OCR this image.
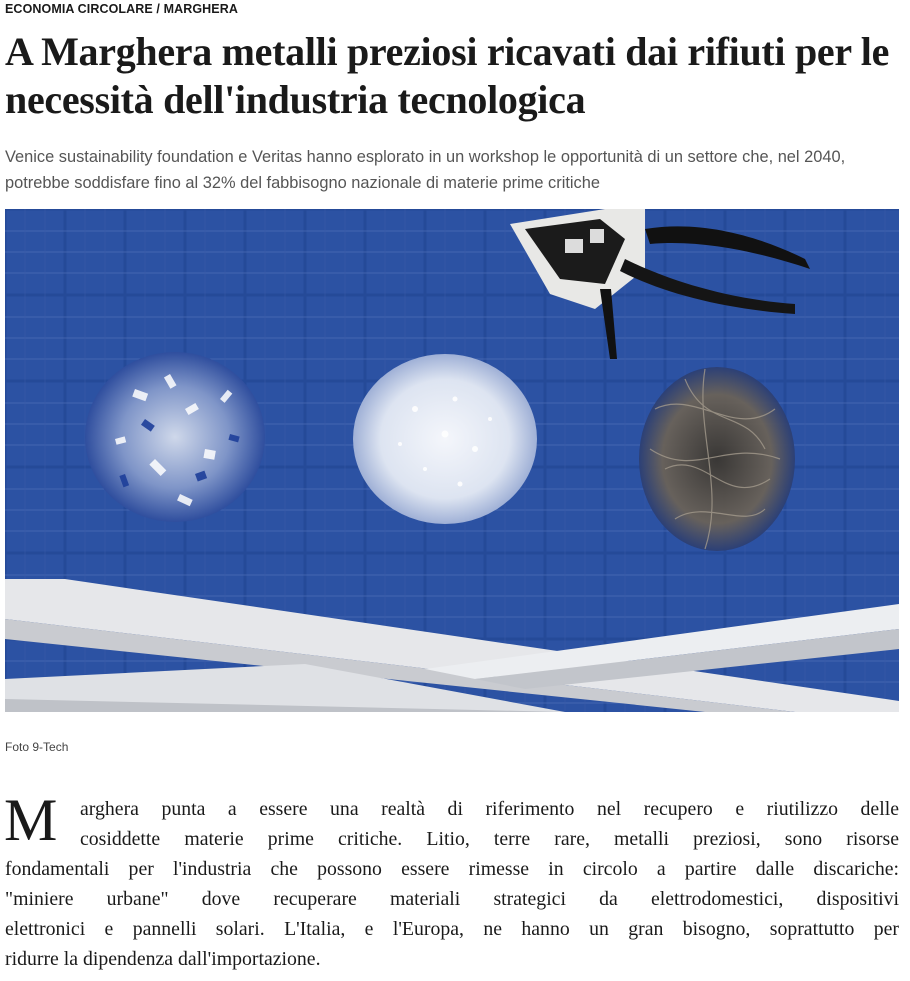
ECONOMIA CIRCOLARE / MARGHERA
A Marghera metalli preziosi ricavati dai rifiuti per le necessità dell'industria tecnologica

Venice sustainability foundation e Veritas hanno esplorato in un workshop le opportunità di un settore che, nel 2040, potrebbe soddisfare fino al 32% del fabbisogno nazionale di materie prime critiche

Foto 9-Tech
M	arghera punta a essere una realtà di riferimento nel recupero e riutilizzo delle
cosiddette materie prime critiche. Litio, terre rare, metalli preziosi, sono risorse
fondamentali per l'industria che possono essere rimesse in circolo a partire dalle discariche:
"miniere urbane" dove recuperare materiali strategici da elettrodomestici, dispositivi
elettronici e pannelli solari. L'Italia, e l'Europa, ne hanno un gran bisogno, soprattutto per
ridurre la dipendenza dall'importazione.
